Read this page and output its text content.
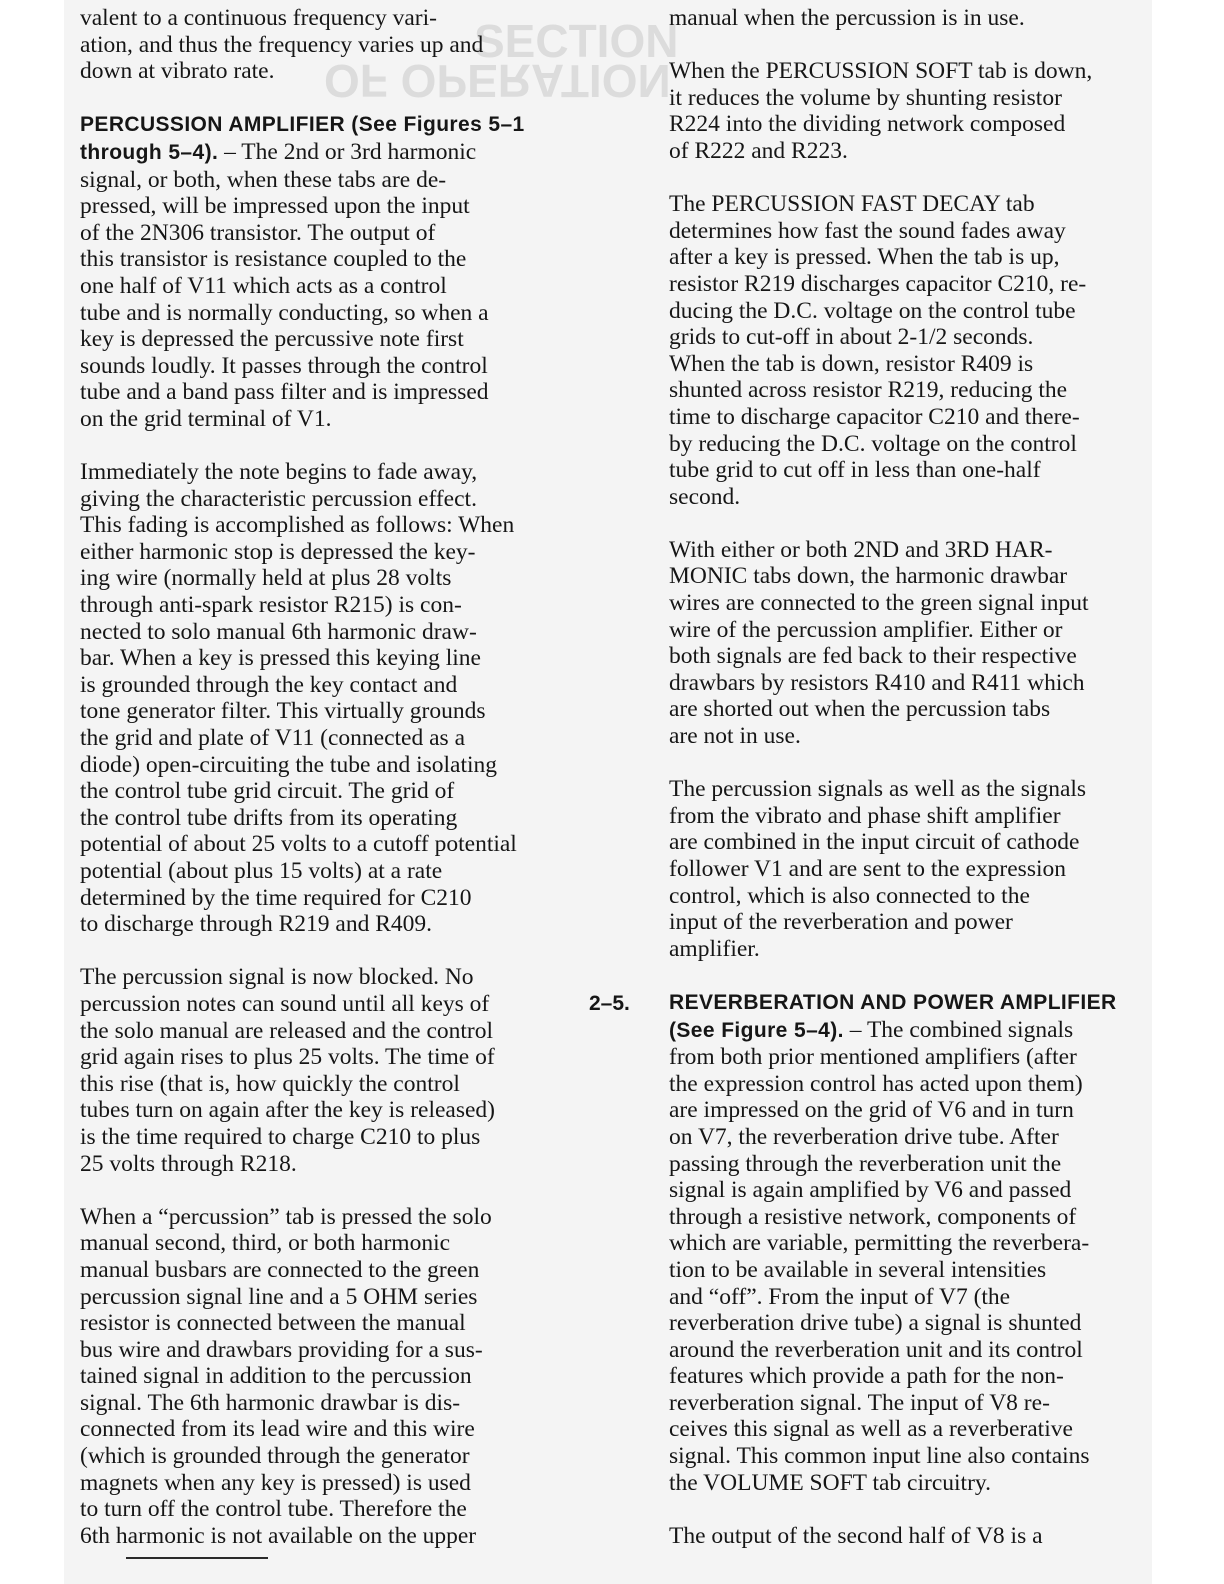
SECTION
OF OPERATION

valent to a continuous frequency vari-
ation, and thus the frequency varies up and
down at vibrato rate.

PERCUSSION AMPLIFIER (See Figures 5–1
through 5–4). – The 2nd or 3rd harmonic
signal, or both, when these tabs are de-
pressed, will be impressed upon the input
of the 2N306 transistor. The output of
this transistor is resistance coupled to the
one half of V11 which acts as a control
tube and is normally conducting, so when a
key is depressed the percussive note first
sounds loudly. It passes through the control
tube and a band pass filter and is impressed
on the grid terminal of V1.

Immediately the note begins to fade away,
giving the characteristic percussion effect.
This fading is accomplished as follows: When
either harmonic stop is depressed the key-
ing wire (normally held at plus 28 volts
through anti-spark resistor R215) is con-
nected to solo manual 6th harmonic draw-
bar. When a key is pressed this keying line
is grounded through the key contact and
tone generator filter. This virtually grounds
the grid and plate of V11 (connected as a
diode) open-circuiting the tube and isolating
the control tube grid circuit. The grid of
the control tube drifts from its operating
potential of about 25 volts to a cutoff potential
potential (about plus 15 volts) at a rate
determined by the time required for C210
to discharge through R219 and R409.

The percussion signal is now blocked. No
percussion notes can sound until all keys of
the solo manual are released and the control
grid again rises to plus 25 volts. The time of
this rise (that is, how quickly the control
tubes turn on again after the key is released)
is the time required to charge C210 to plus
25 volts through R218.

When a “percussion” tab is pressed the solo
manual second, third, or both harmonic
manual busbars are connected to the green
percussion signal line and a 5 OHM series
resistor is connected between the manual
bus wire and drawbars providing for a sus-
tained signal in addition to the percussion
signal. The 6th harmonic drawbar is dis-
connected from its lead wire and this wire
(which is grounded through the generator
magnets when any key is pressed) is used
to turn off the control tube. Therefore the
6th harmonic is not available on the upper

manual when the percussion is in use.

When the PERCUSSION SOFT tab is down,
it reduces the volume by shunting resistor
R224 into the dividing network composed
of R222 and R223.

The PERCUSSION FAST DECAY tab
determines how fast the sound fades away
after a key is pressed. When the tab is up,
resistor R219 discharges capacitor C210, re-
ducing the D.C. voltage on the control tube
grids to cut-off in about 2-1/2 seconds.
When the tab is down, resistor R409 is
shunted across resistor R219, reducing the
time to discharge capacitor C210 and there-
by reducing the D.C. voltage on the control
tube grid to cut off in less than one-half
second.

With either or both 2ND and 3RD HAR-
MONIC tabs down, the harmonic drawbar
wires are connected to the green signal input
wire of the percussion amplifier. Either or
both signals are fed back to their respective
drawbars by resistors R410 and R411 which
are shorted out when the percussion tabs
are not in use.

The percussion signals as well as the signals
from the vibrato and phase shift amplifier
are combined in the input circuit of cathode
follower V1 and are sent to the expression
control, which is also connected to the
input of the reverberation and power
amplifier.

REVERBERATION AND POWER AMPLIFIER
(See Figure 5–4). – The combined signals
from both prior mentioned amplifiers (after
the expression control has acted upon them)
are impressed on the grid of V6 and in turn
on V7, the reverberation drive tube. After
passing through the reverberation unit the
signal is again amplified by V6 and passed
through a resistive network, components of
which are variable, permitting the reverbera-
tion to be available in several intensities
and “off”. From the input of V7 (the
reverberation drive tube) a signal is shunted
around the reverberation unit and its control
features which provide a path for the non-
reverberation signal. The input of V8 re-
ceives this signal as well as a reverberative
signal. This common input line also contains
the VOLUME SOFT tab circuitry.

The output of the second half of V8 is a

2–5.
